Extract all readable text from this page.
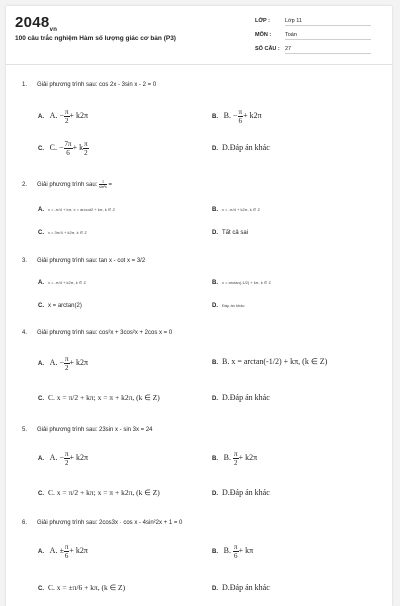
$2048_{vn}$
100 câu trắc nghiệm Hàm số lượng giác cơ bản (P3)
LỚP :	Lớp 11
MÔN :	Toán
SỐ CÂU : 27
1. Giải phương trình sau: cos 2x - 3sin x - 2 = 0
A. A. − $\frac{\pi}{2} + k2\pi$	B. B. − $\frac{\pi}{6} + k2\pi$
C. C. − $\frac{7\pi}{6} + k \frac{\pi}{2}$	D. D.Đáp án khác
2. Giải phương trình sau: $\frac{1}{\text{sin²x}}$ =
A. x = -π/4 + kπ, x = arccot2 + kπ, k ∈ Z	B. x = -π/4 + k2π, k ∈ Z
C. x = 3π/4 + k2π, k ∈ Z	D. Tất cả sai
3. Giải phương trình sau: tan x - cot x = 3/2
A. x = -π/4 + k2π, k ∈ Z	B. x = arctan(-1/2) + kπ, k ∈ Z
C. x = arctan(2)	D. Đáp án khác
4. Giải phương trình sau: cos²x + 3cos²x + 2cos x = 0
A. A. − $\frac{\pi}{2} + k2\pi$	B. B. x = arctan(-1/2) + kπ, (k ∈ Z)
C. C. x = π/2 + kπ; x = π + k2π, (k ∈ Z)	D. D.Đáp án khác
5. Giải phương trình sau: 23sin x - sin 3x = 24
A. A. − $\frac{\pi}{2} + k2\pi$	B. B. $\frac{\pi}{2} + k2\pi$
C. C. x = π/2 + kπ; x = π + k2π, (k ∈ Z)	D. D.Đáp án khác
6. Giải phương trình sau: 2cos3x · cos x - 4sin²2x + 1 = 0
A. A. ± $\frac{\pi}{6} + k2\pi$	B. B. $\frac{\pi}{6} + k\pi$
C. C. x = ±π/6 + kπ, (k ∈ Z)	D. D.Đáp án khác
